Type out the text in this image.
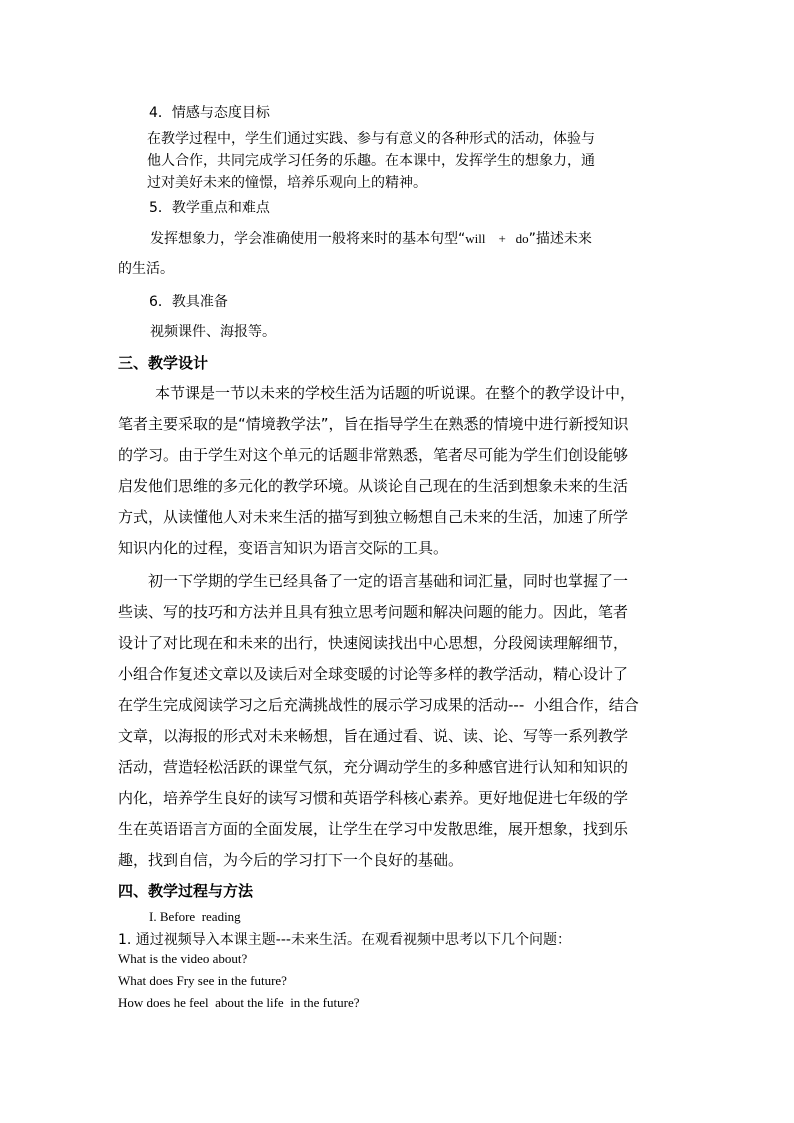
4．情感与态度目标
在教学过程中，学生们通过实践、参与有意义的各种形式的活动，体验与
他人合作，共同完成学习任务的乐趣。在本课中，发挥学生的想象力，通
过对美好未来的憧憬，培养乐观向上的精神。
5．教学重点和难点
发挥想象力，学会准确使用一般将来时的基本句型“will    +   do”描述未来
的生活。
6．教具准备
视频课件、海报等。
三、教学设计
本节课是一节以未来的学校生活为话题的听说课。在整个的教学设计中，
笔者主要采取的是“情境教学法”，旨在指导学生在熟悉的情境中进行新授知识
的学习。由于学生对这个单元的话题非常熟悉，笔者尽可能为学生们创设能够
启发他们思维的多元化的教学环境。从谈论自己现在的生活到想象未来的生活
方式，从读懂他人对未来生活的描写到独立畅想自己未来的生活，加速了所学
知识内化的过程，变语言知识为语言交际的工具。
初一下学期的学生已经具备了一定的语言基础和词汇量，同时也掌握了一
些读、写的技巧和方法并且具有独立思考问题和解决问题的能力。因此，笔者
设计了对比现在和未来的出行，快速阅读找出中心思想，分段阅读理解细节，
小组合作复述文章以及读后对全球变暖的讨论等多样的教学活动，精心设计了
在学生完成阅读学习之后充满挑战性的展示学习成果的活动---  小组合作，结合
文章，以海报的形式对未来畅想，旨在通过看、说、读、论、写等一系列教学
活动，营造轻松活跃的课堂气氛，充分调动学生的多种感官进行认知和知识的
内化，培养学生良好的读写习惯和英语学科核心素养。更好地促进七年级的学
生在英语语言方面的全面发展，让学生在学习中发散思维，展开想象，找到乐
趣，找到自信，为今后的学习打下一个良好的基础。
四、教学过程与方法
I. Before  reading
1. 通过视频导入本课主题---未来生活。在观看视频中思考以下几个问题：
What is the video about?
What does Fry see in the future?
How does he feel  about the life  in the future?
